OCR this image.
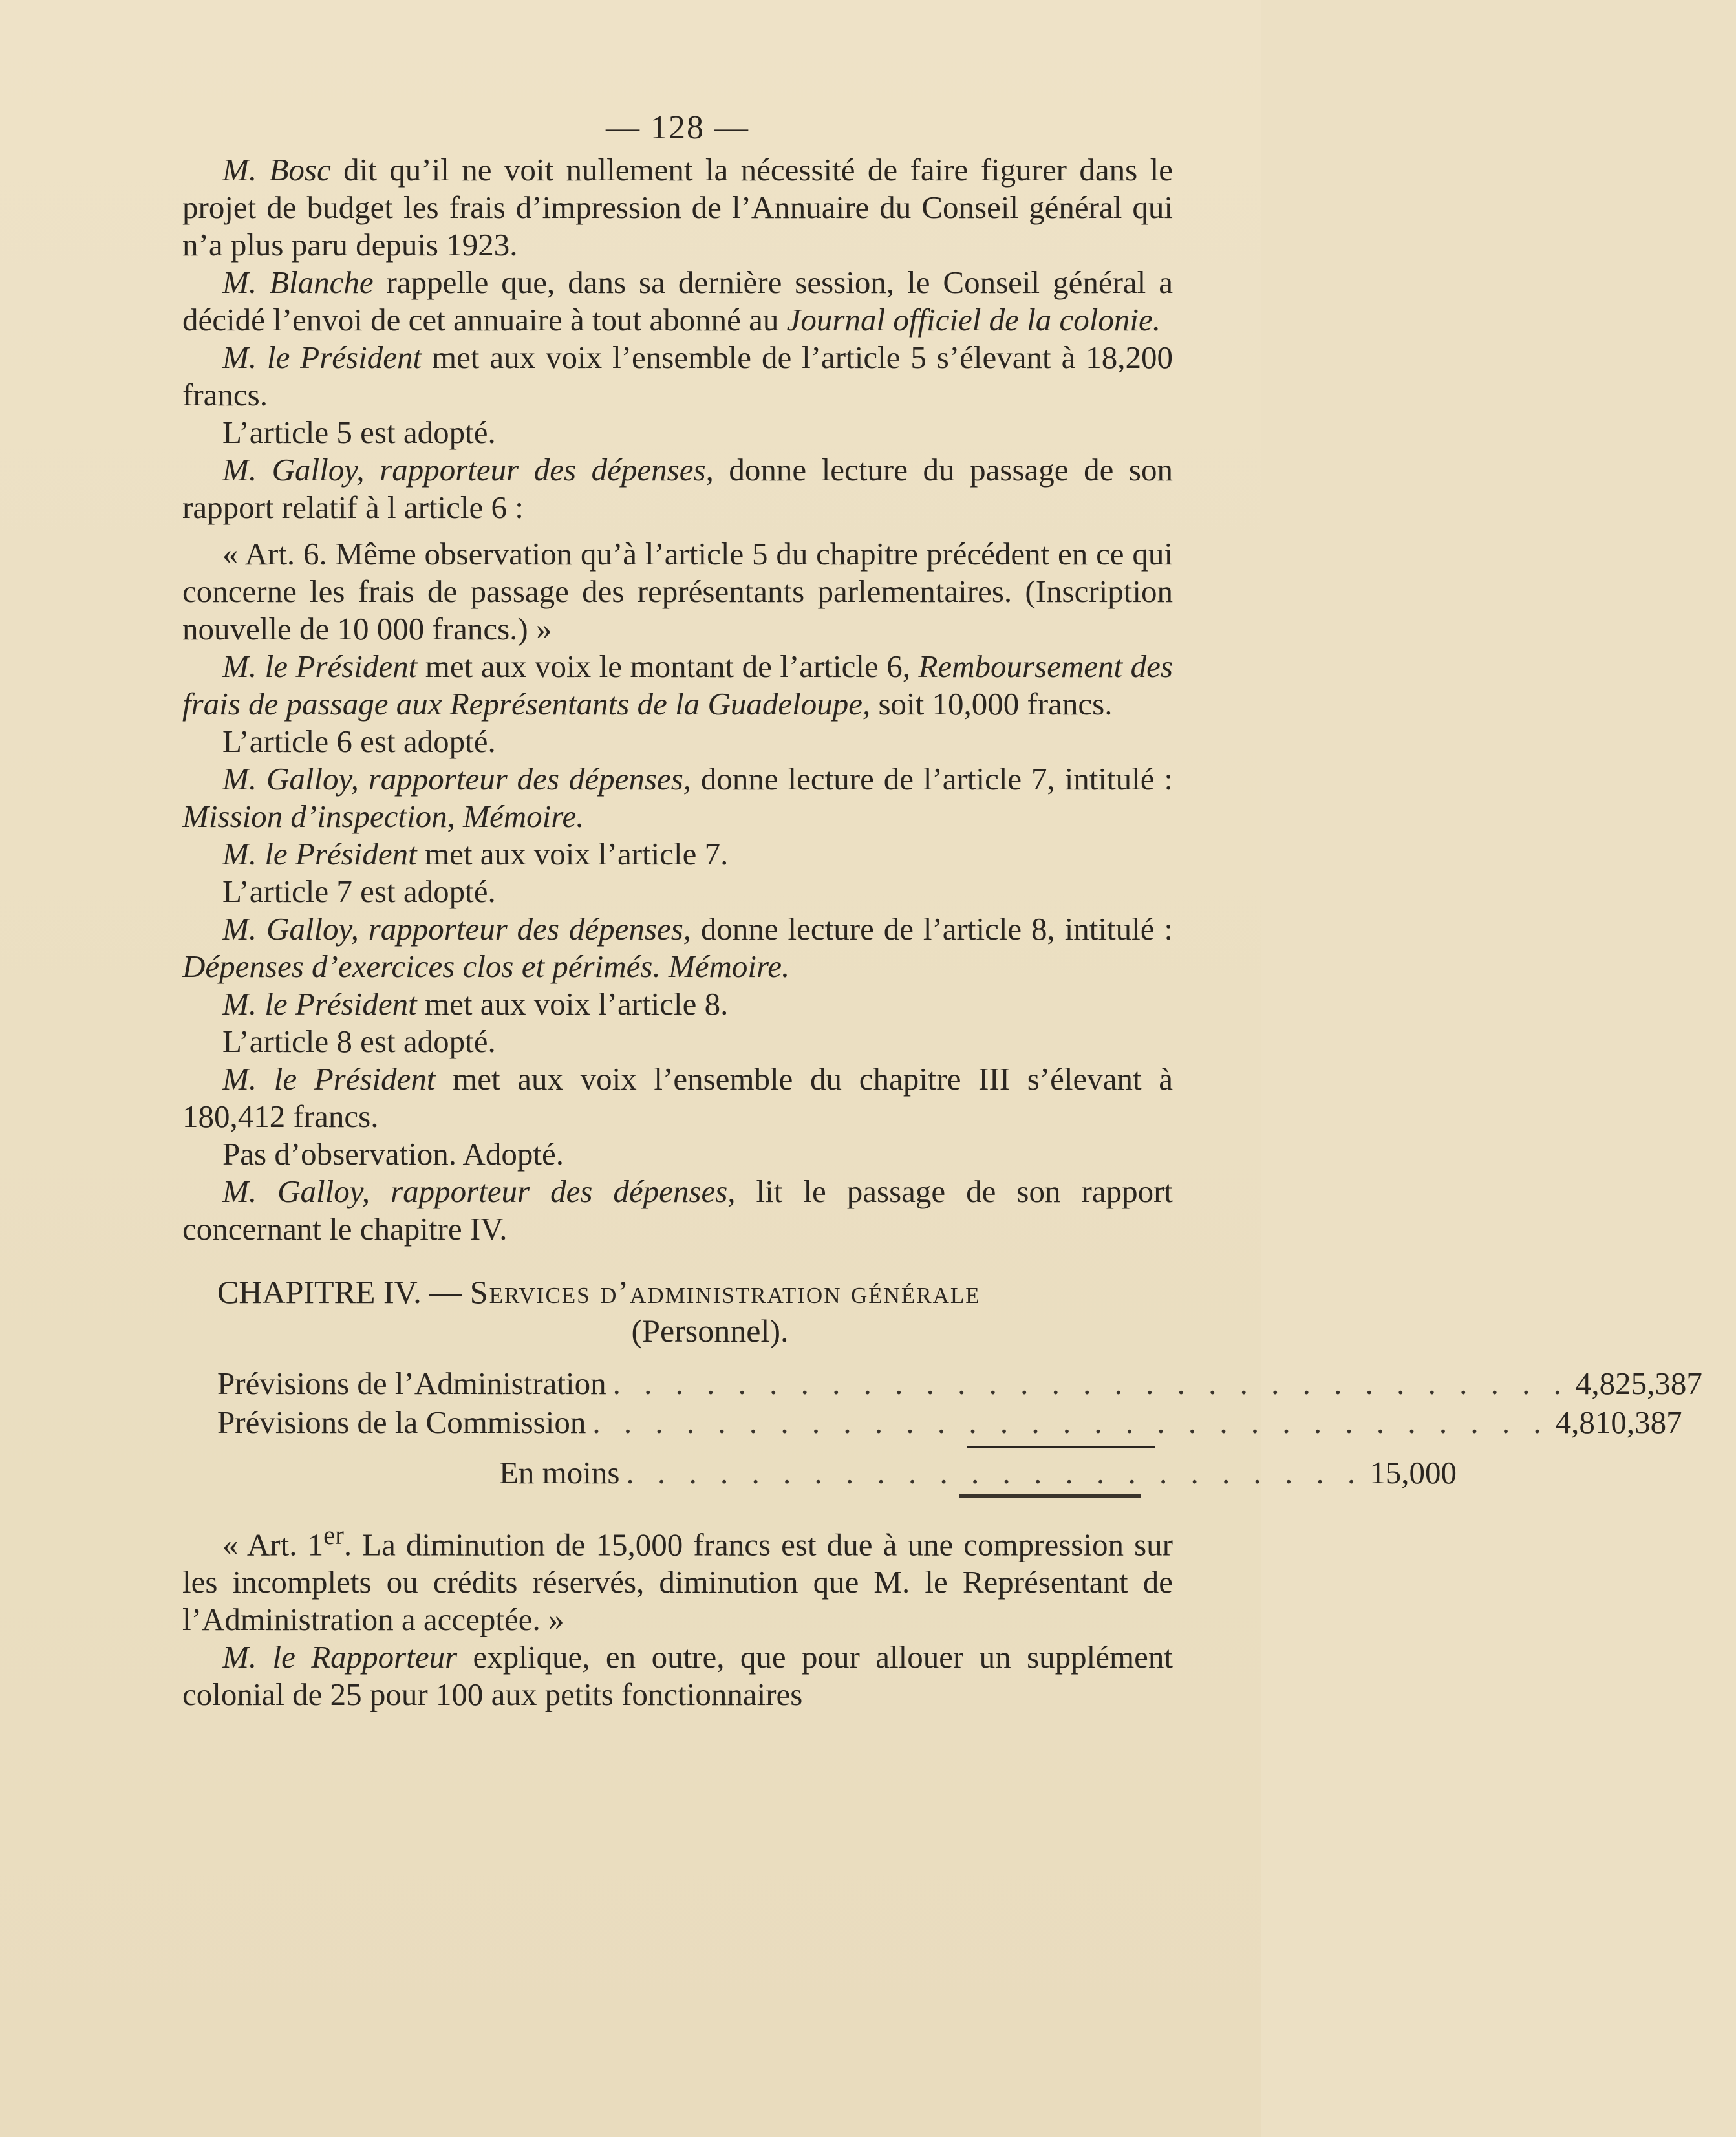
— 128 —

M. Bosc dit qu’il ne voit nullement la nécessité de faire figurer dans le projet de budget les frais d’impression de l’Annuaire du Conseil général qui n’a plus paru depuis 1923.

M. Blanche rappelle que, dans sa dernière session, le Conseil général a décidé l’envoi de cet annuaire à tout abonné au Journal officiel de la colonie.

M. le Président met aux voix l’ensemble de l’article 5 s’élevant à 18,200 francs.

L’article 5 est adopté.

M. Galloy, rapporteur des dépenses, donne lecture du passage de son rapport relatif à l article 6 :

« Art. 6. Même observation qu’à l’article 5 du chapitre précédent en ce qui concerne les frais de passage des représentants parlementaires. (Inscription nouvelle de 10 000 francs.) »

M. le Président met aux voix le montant de l’article 6, Remboursement des frais de passage aux Représentants de la Guadeloupe, soit 10,000 francs.

L’article 6 est adopté.

M. Galloy, rapporteur des dépenses, donne lecture de l’article 7, intitulé : Mission d’inspection, Mémoire.

M. le Président met aux voix l’article 7.

L’article 7 est adopté.

M. Galloy, rapporteur des dépenses, donne lecture de l’article 8, intitulé : Dépenses d’exercices clos et périmés. Mémoire.

M. le Président met aux voix l’article 8.

L’article 8 est adopté.

M. le Président met aux voix l’ensemble du chapitre III s’élevant à 180,412 francs.

Pas d’observation. Adopté.

M. Galloy, rapporteur des dépenses, lit le passage de son rapport concernant le chapitre IV.

CHAPITRE IV. — Services d’administration générale
(Personnel).
Prévisions de l’Administration . . . . . . . . . . . . . . . . . . . . . . . . . . . . . . . 4,825,387
Prévisions de la Commission . . . . . . . . . . . . . . . . . . . . . . . . . . . . . . . 4,810,387
En moins . . . . . . . . . . . . . . . . . . . . . . . . 15,000

« Art. 1er. La diminution de 15,000 francs est due à une compression sur les incomplets ou crédits réservés, diminution que M. le Représentant de l’Administration a acceptée. »

M. le Rapporteur explique, en outre, que pour allouer un supplément colonial de 25 pour 100 aux petits fonctionnaires
